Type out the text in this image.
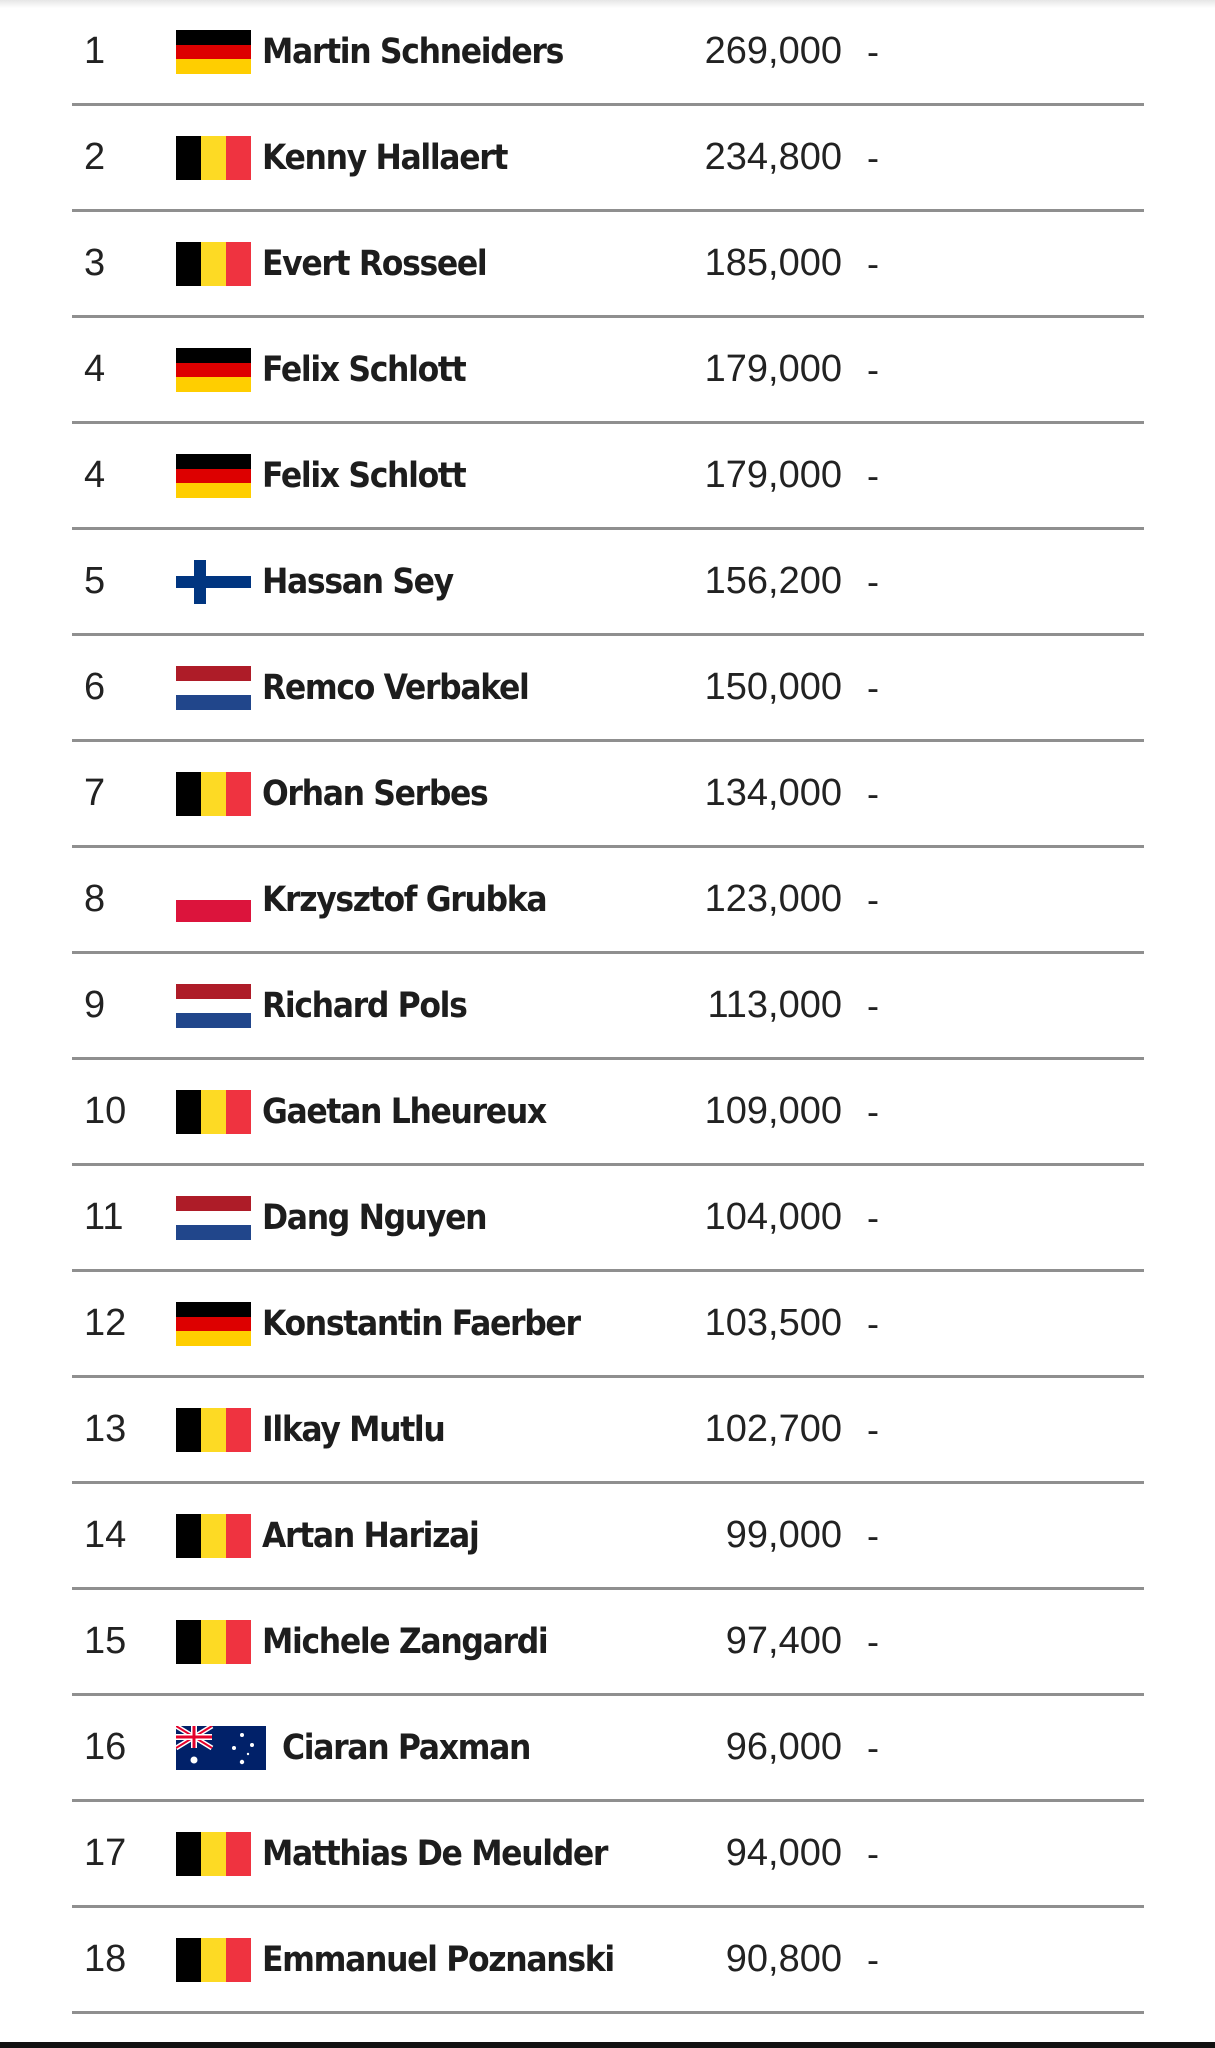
1	Martin Schneiders	269,000 -
2	Kenny Hallaert	234,800 -
3	Evert Rosseel	185,000 -
4	Felix Schlott	179,000 -
4	Felix Schlott	179,000 -
5	Hassan Sey	156,200 -
6	Remco Verbakel	150,000 -
7	Orhan Serbes	134,000 -
8	Krzysztof Grubka	123,000 -
9	Richard Pols	113,000 -
10	Gaetan Lheureux	109,000 -
11	Dang Nguyen	104,000 -
12	Konstantin Faerber	103,500 -
13	Ilkay Mutlu	102,700 -
14	Artan Harizaj	99,000 -
15	Michele Zangardi	97,400 -
16	Ciaran Paxman	96,000 -
17	Matthias De Meulder	94,000 -
18	Emmanuel Poznanski	90,800 -
